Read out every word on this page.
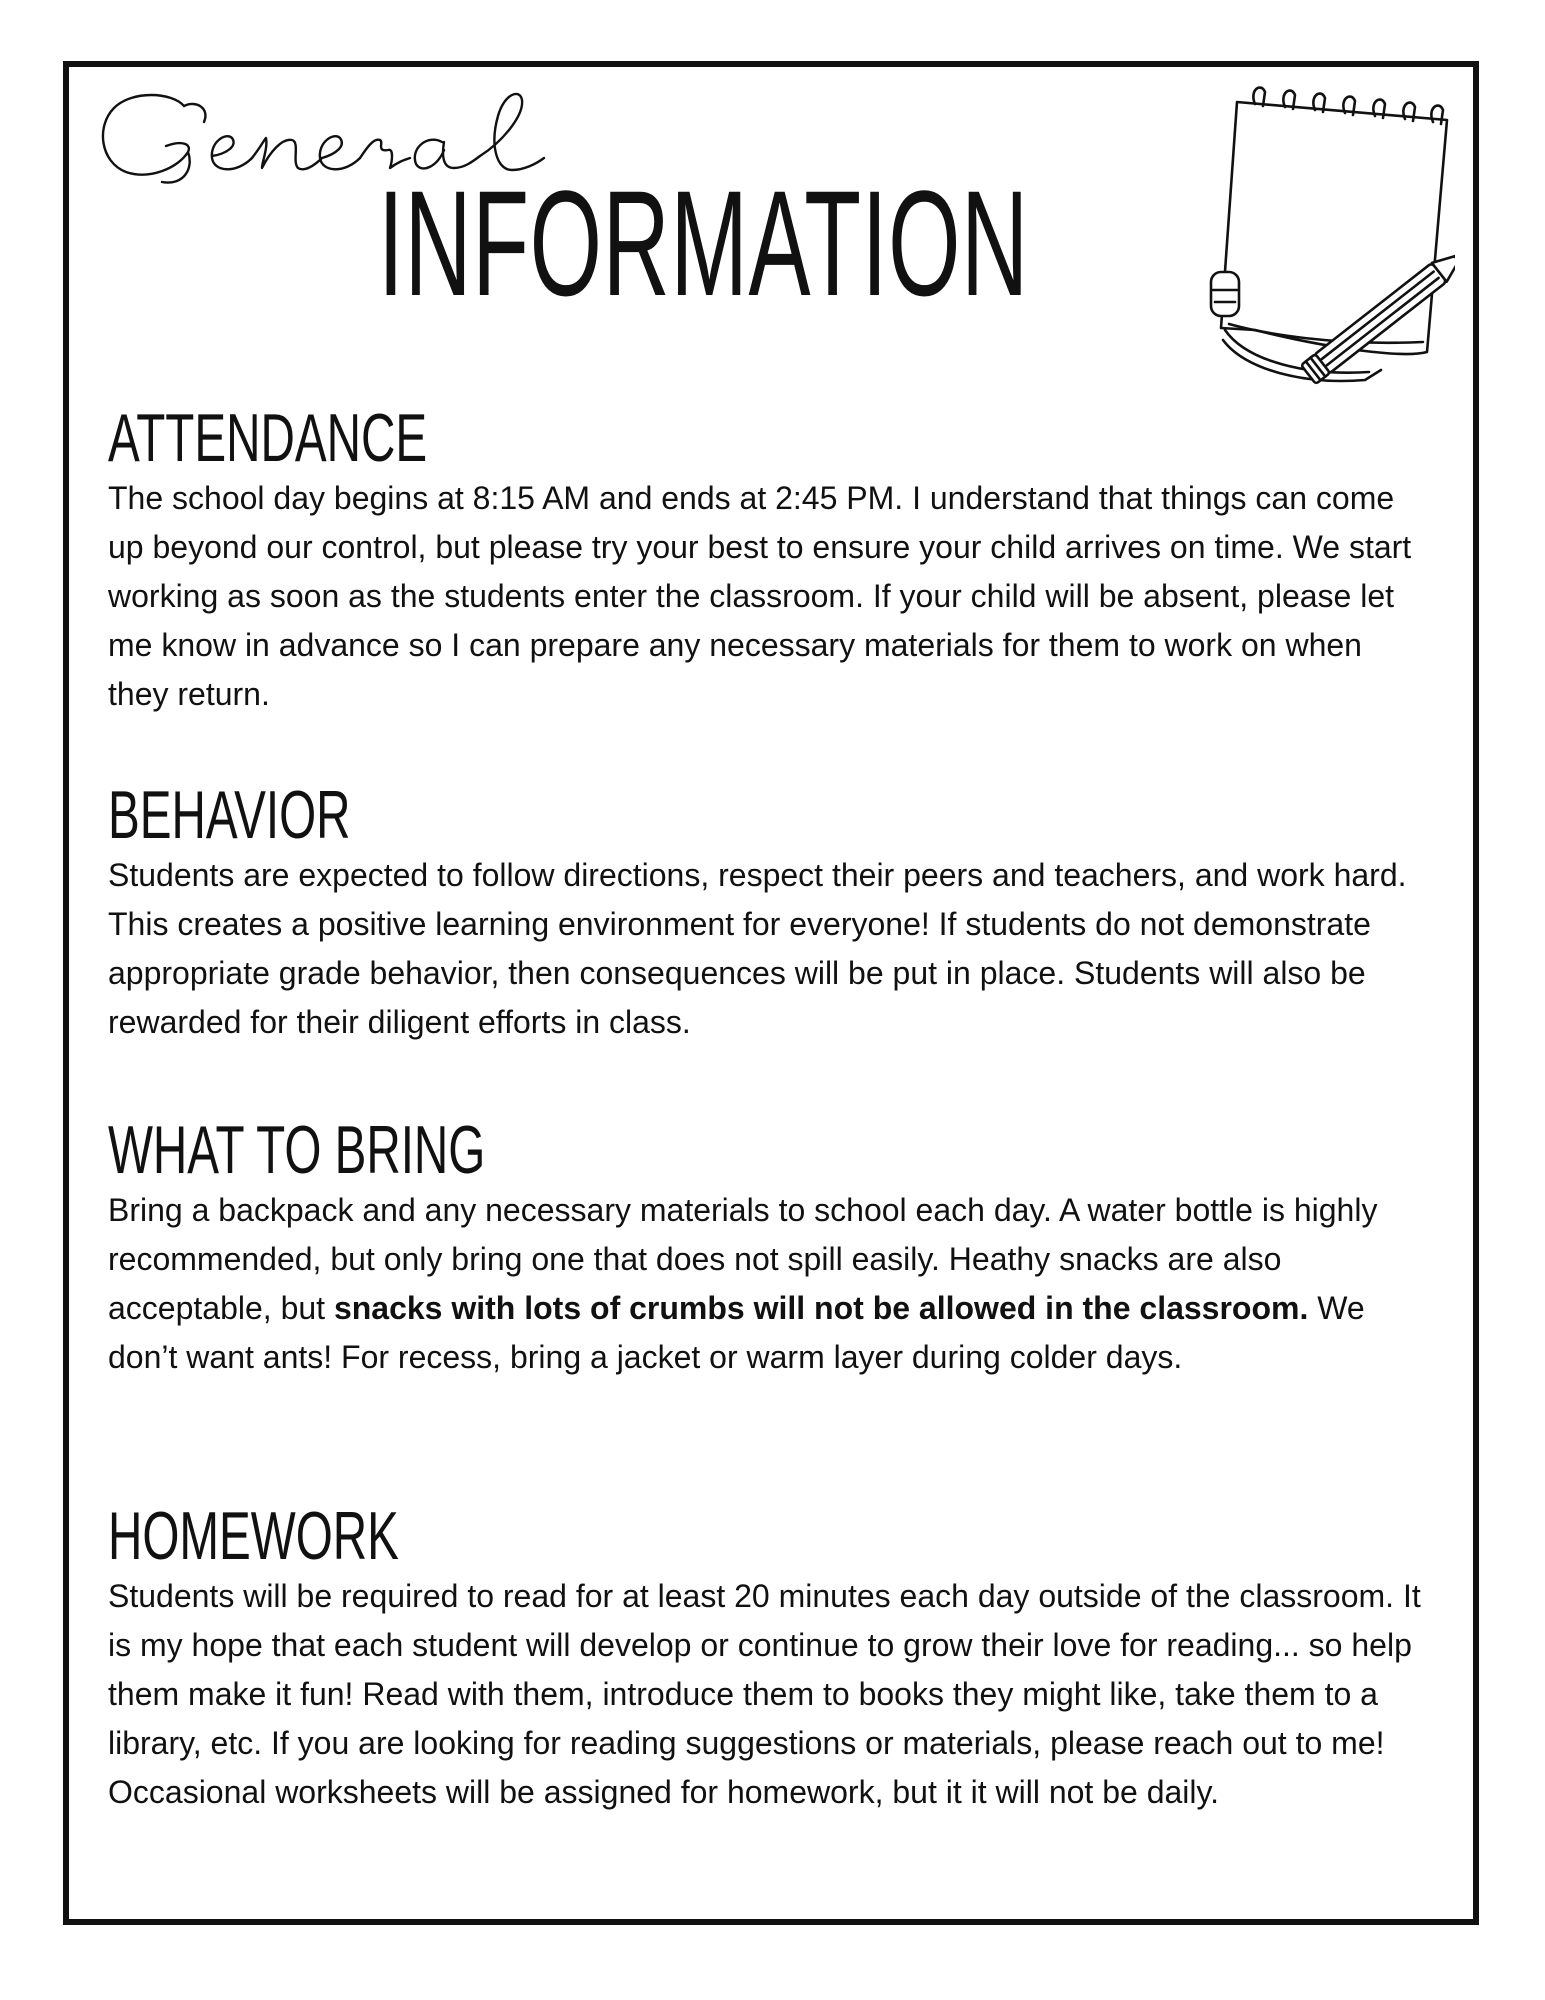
INFORMATION
ATTENDANCE

The school day begins at 8:15 AM and ends at 2:45 PM. I understand that things can come up beyond our control, but please try your best to ensure your child arrives on time. We start working as soon as the students enter the classroom. If your child will be absent, please let me know in advance so I can prepare any necessary materials for them to work on when they return.

BEHAVIOR

Students are expected to follow directions, respect their peers and teachers, and work hard. This creates a positive learning environment for everyone! If students do not demonstrate appropriate grade behavior, then consequences will be put in place. Students will also be rewarded for their diligent efforts in class.

WHAT TO BRING

Bring a backpack and any necessary materials to school each day. A water bottle is highly recommended, but only bring one that does not spill easily. Heathy snacks are also acceptable, but snacks with lots of crumbs will not be allowed in the classroom. We don’t want ants! For recess, bring a jacket or warm layer during colder days.

HOMEWORK

Students will be required to read for at least 20 minutes each day outside of the classroom. It is my hope that each student will develop or continue to grow their love for reading... so help them make it fun! Read with them, introduce them to books they might like, take them to a library, etc. If you are looking for reading suggestions or materials, please reach out to me! Occasional worksheets will be assigned for homework, but it it will not be daily.
